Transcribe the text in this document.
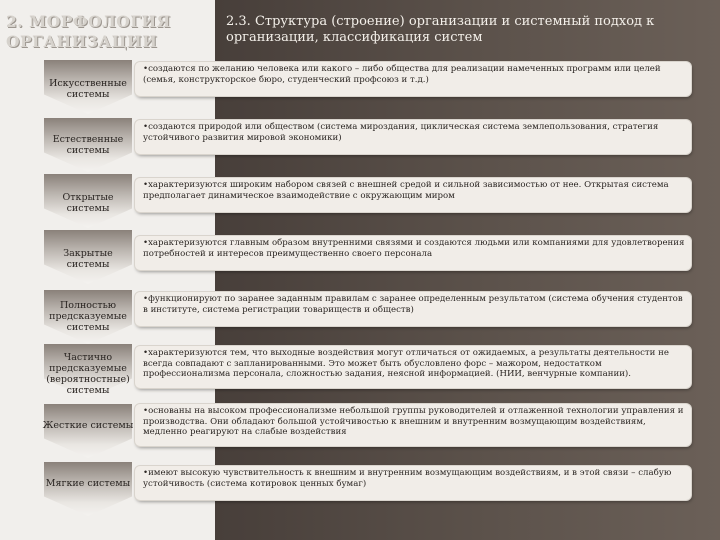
2. МОРФОЛОГИЯ ОРГАНИЗАЦИИ
2.3. Структура (строение) организации и системный подход к организации, классификация систем
Искусственные системы
•создаются по желанию человека или какого – либо общества для реализации намеченных программ или целей (семья, конструкторское бюро, студенческий профсоюз и т.д.)
Естественные системы
•создаются природой или обществом (система мироздания, циклическая система землепользования, стратегия устойчивого развития мировой экономики)
Открытые системы
•характеризуются широким набором связей с внешней средой и сильной зависимостью от нее. Открытая система предполагает динамическое взаимодействие с окружающим миром
Закрытые системы
•характеризуются главным образом внутренними связями и создаются людьми или компаниями для удовлетворения потребностей и интересов преимущественно своего персонала
Полностью предсказуемые системы
•функционируют по заранее заданным правилам с заранее определенным результатом (система обучения студентов в институте, система регистрации товариществ и обществ)
Частично предсказуемые (вероятностные) системы
•характеризуются тем, что выходные воздействия могут отличаться от ожидаемых, а результаты деятельности не всегда совпадают с запланированными. Это может быть обусловлено форс – мажором, недостатком профессионализма персонала, сложностью задания, неясной информацией. (НИИ, венчурные компании).
Жесткие системы
•основаны на высоком профессионализме небольшой группы руководителей и отлаженной технологии управления и производства. Они обладают большой устойчивостью к внешним и внутренним возмущающим воздействиям, медленно реагируют на слабые воздействия
Мягкие системы
•имеют высокую чувствительность к внешним и внутренним возмущающим воздействиям, и в этой связи – слабую устойчивость (система котировок ценных бумаг)
